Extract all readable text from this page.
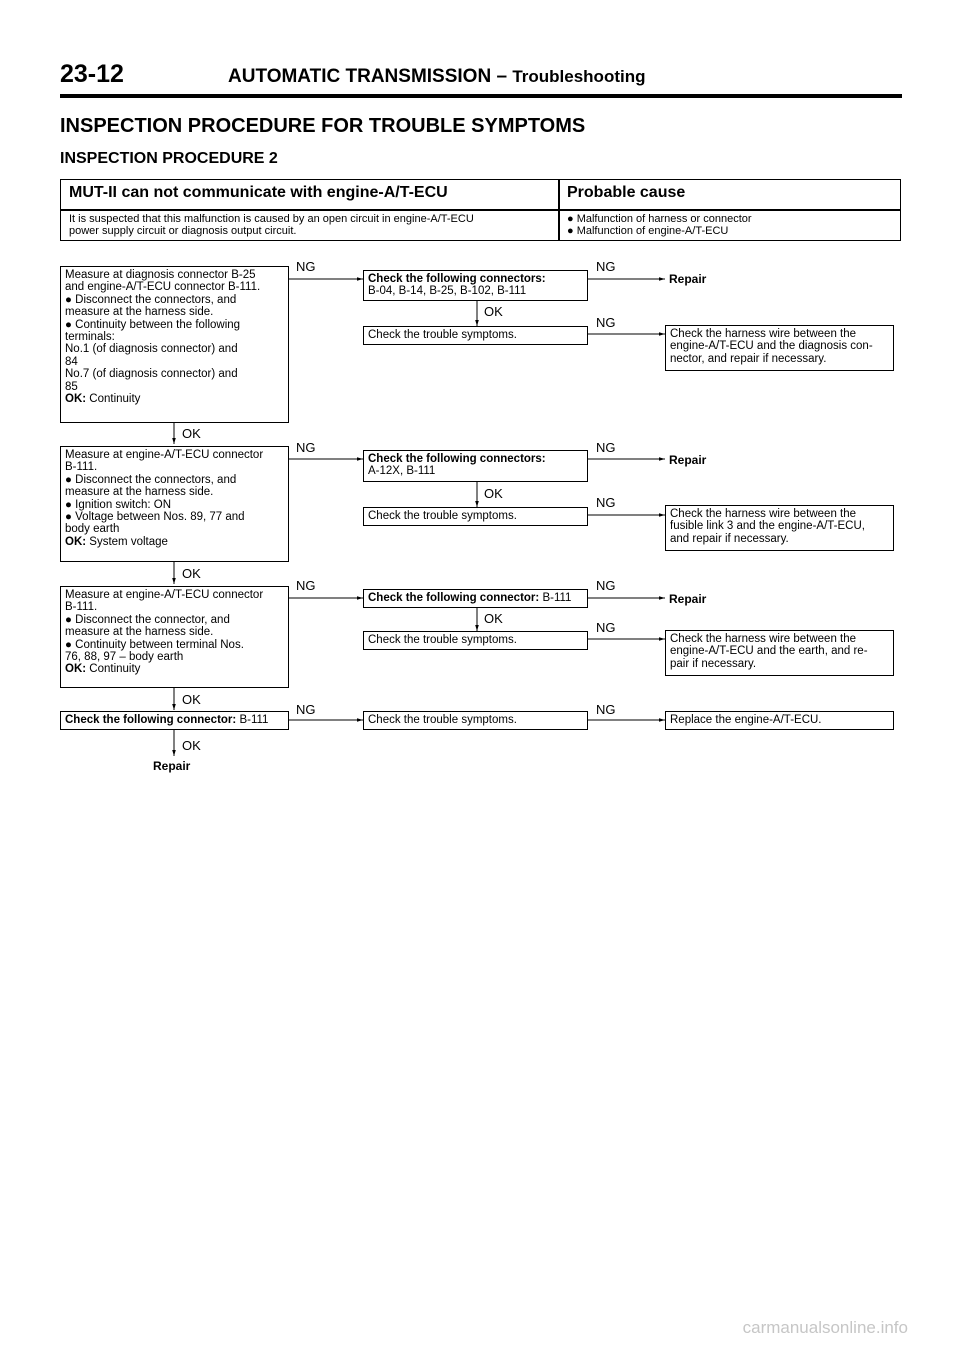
23-12	AUTOMATIC TRANSMISSION – Troubleshooting
INSPECTION PROCEDURE FOR TROUBLE SYMPTOMS
INSPECTION PROCEDURE 2
MUT-II can not communicate with engine-A/T-ECU	Probable cause
It is suspected that this malfunction is caused by an open circuit in engine-A/T-ECU
power supply circuit or diagnosis output circuit.
● Malfunction of harness or connector
● Malfunction of engine-A/T-ECU
Measure at diagnosis connector B-25
and engine-A/T-ECU connector B-111.
● Disconnect the connectors, and
measure at the harness side.
● Continuity between the following
terminals:
No.1 (of diagnosis connector) and
84
No.7 (of diagnosis connector) and
85
OK: Continuity
Check the following connectors:
B-04, B-14, B-25, B-102, B-111
Check the trouble symptoms.	Check the harness wire between the
engine-A/T-ECU and the diagnosis con-
nector, and repair if necessary.
NG	NG
Repair
OK
NG
OK
Measure at engine-A/T-ECU connector
B-111.
● Disconnect the connectors, and
measure at the harness side.
● Ignition switch: ON
● Voltage between Nos. 89, 77 and
body earth
OK: System voltage
Check the following connectors:
A-12X, B-111
Check the trouble symptoms.	Check the harness wire between the
fusible link 3 and the engine-A/T-ECU,
and repair if necessary.
NG	NG
Repair
OK
NG
OK
Measure at engine-A/T-ECU connector
B-111.
● Disconnect the connector, and
measure at the harness side.
● Continuity between terminal Nos.
76, 88, 97 – body earth
OK: Continuity
Check the following connector: B-111
Check the trouble symptoms.	Check the harness wire between the
engine-A/T-ECU and the earth, and re-
pair if necessary.
NG	NG
Repair
OK
NG
OK
Check the following connector: B-111	Check the trouble symptoms.	Replace the engine-A/T-ECU.
NG	NG
OK
Repair
carmanualsonline.info
